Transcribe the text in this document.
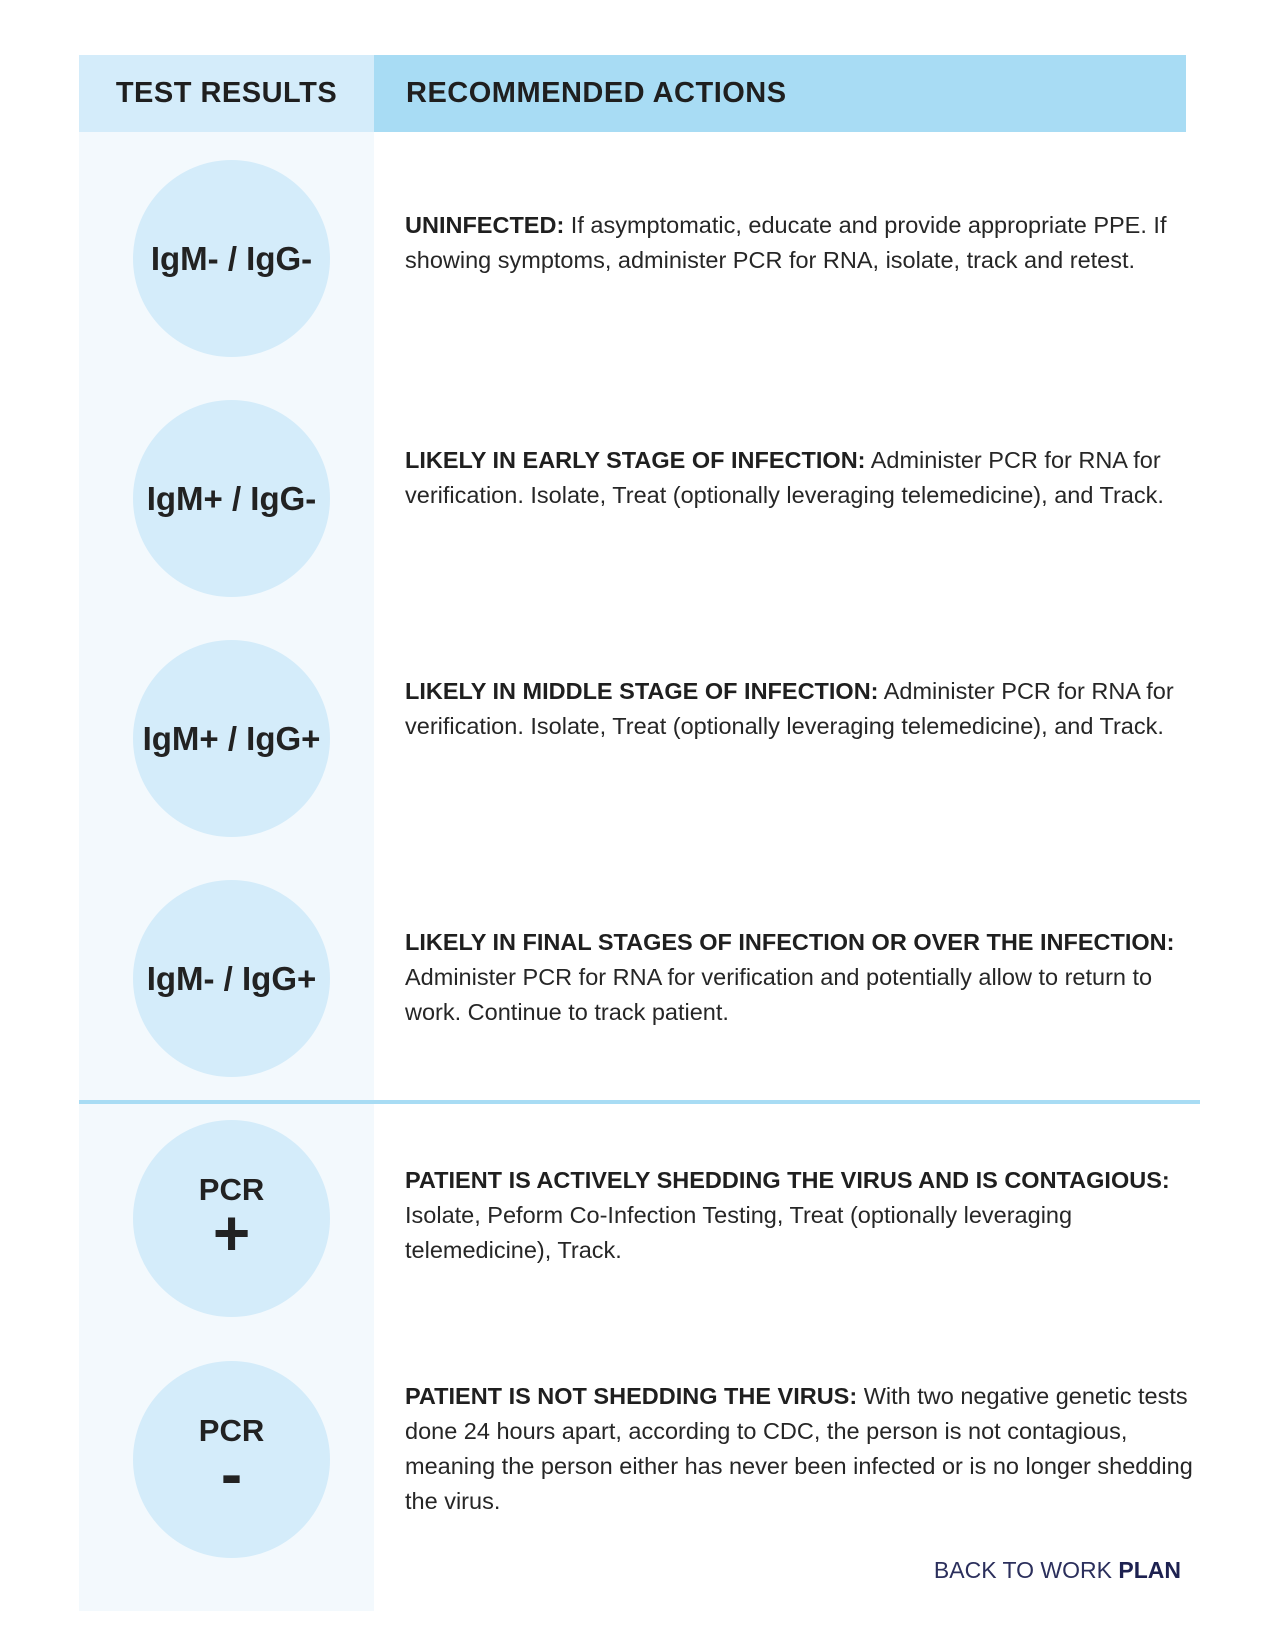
TEST RESULTS	RECOMMENDED ACTIONS
IgM- / IgG-

UNINFECTED: If asymptomatic, educate and provide appropriate PPE. If showing symptoms, administer PCR for RNA, isolate, track and retest.

IgM+ / IgG-

LIKELY IN EARLY STAGE OF INFECTION: Administer PCR for RNA for verification. Isolate, Treat (optionally leveraging telemedicine), and Track.

IgM+ / IgG+

LIKELY IN MIDDLE STAGE OF INFECTION: Administer PCR for RNA for verification. Isolate, Treat (optionally leveraging telemedicine), and Track.

IgM- / IgG+

LIKELY IN FINAL STAGES OF INFECTION OR OVER THE INFECTION: Administer PCR for RNA for verification and potentially allow to return to work. Continue to track patient.

PCR
+

PATIENT IS ACTIVELY SHEDDING THE VIRUS AND IS CONTAGIOUS: Isolate, Peform Co-Infection Testing, Treat (optionally leveraging telemedicine), Track.

PCR
-

PATIENT IS NOT SHEDDING THE VIRUS: With two negative genetic tests done 24 hours apart, according to CDC, the person is not contagious, meaning the person either has never been infected or is no longer shedding the virus.

BACK TO WORK PLAN
